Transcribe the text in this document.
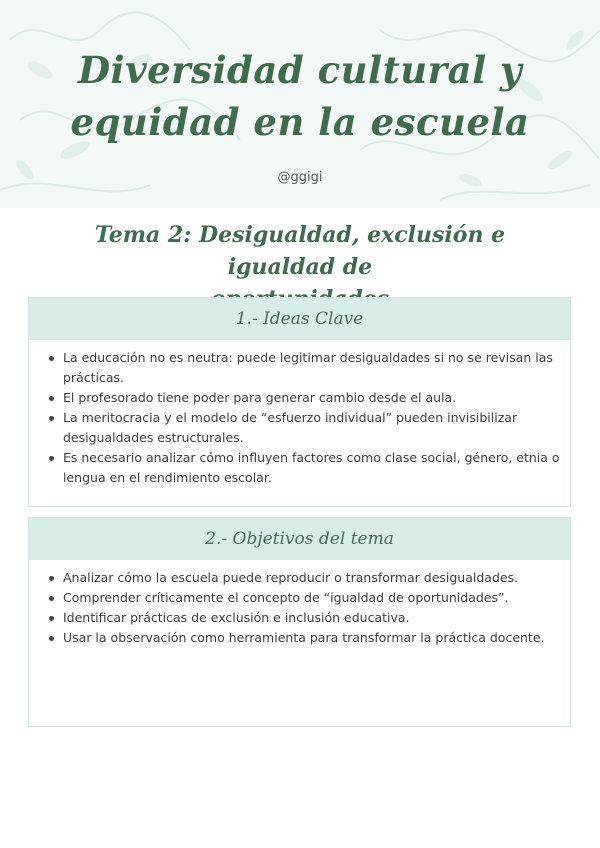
Diversidad cultural y
equidad en la escuela
@ggigi
Tema 2: Desigualdad, exclusión e igualdad de
1.- Ideas Clave
La educación no es neutra: puede legitimar desigualdades si no se revisan las prácticas.
El profesorado tiene poder para generar cambio desde el aula.
La meritocracia y el modelo de “esfuerzo individual” pueden invisibilizar desigualdades estructurales.
Es necesario analizar cómo influyen factores como clase social, género, etnia o lengua en el rendimiento escolar.
2.- Objetivos del tema
Analizar cómo la escuela puede reproducir o transformar desigualdades.
Comprender críticamente el concepto de “igualdad de oportunidades”.
Identificar prácticas de exclusión e inclusión educativa.
Usar la observación como herramienta para transformar la práctica docente.
